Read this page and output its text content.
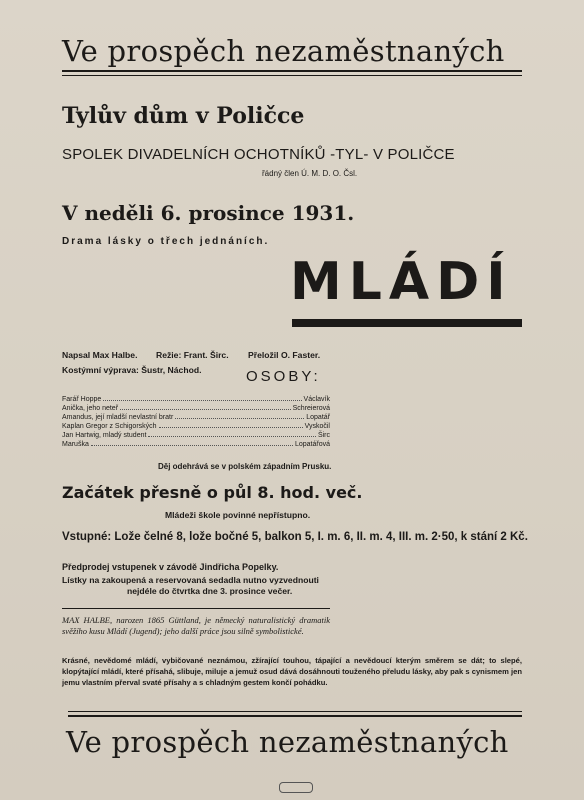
Ve prospěch nezaměstnaných
Tylův dům v Poličce
SPOLEK DIVADELNÍCH OCHOTNÍKŮ -TYL- V POLIČCE
řádný člen Ú. M. D. O. Čsl.
V neděli 6. prosince 1931.
Drama lásky o třech jednáních.
MLÁDÍ
Napsal Max Halbe. Režie: Frant. Širc. Přeložil O. Faster.
Kostýmní výprava: Šustr, Náchod.	OSOBY:
Farář Hoppe	Václavík
Anička, jeho neteř	Schreierová
Amandus, její mladší nevlastní bratr	Lopatář
Kaplan Gregor z Schigorských	Vyskočil
Jan Hartwig, mladý student	Širc
Maruška	Lopatářová
Děj odehrává se v polském západním Prusku.
Začátek přesně o půl 8. hod. več.
Mládeži škole povinné nepřístupno.
Vstupné: Lože čelné 8, lože bočné 5, balkon 5, I. m. 6, II. m. 4, III. m. 2·50, k stání 2 Kč.
Předprodej vstupenek v závodě Jindřicha Popelky.
Lístky na zakoupená a reservovaná sedadla nutno vyzvednouti
nejdéle do čtvrtka dne 3. prosince večer.
MAX HALBE, narozen 1865 Güttland, je německý naturalistický dramatik svěžího kusu Mládí (Jugend); jeho další práce jsou silně symbolistické.
Krásné, nevědomé mládí, vybičované neznámou, zžírající touhou, tápající a nevědoucí kterým směrem se dát; to slepé, klopýtající mládí, které přísahá, slibuje, miluje a jemuž osud dává dosáhnouti touženého přeludu lásky, aby pak s cynismem jen jemu vlastním přerval svaté přísahy a s chladným gestem končí pohádku.
Ve prospěch nezaměstnaných
